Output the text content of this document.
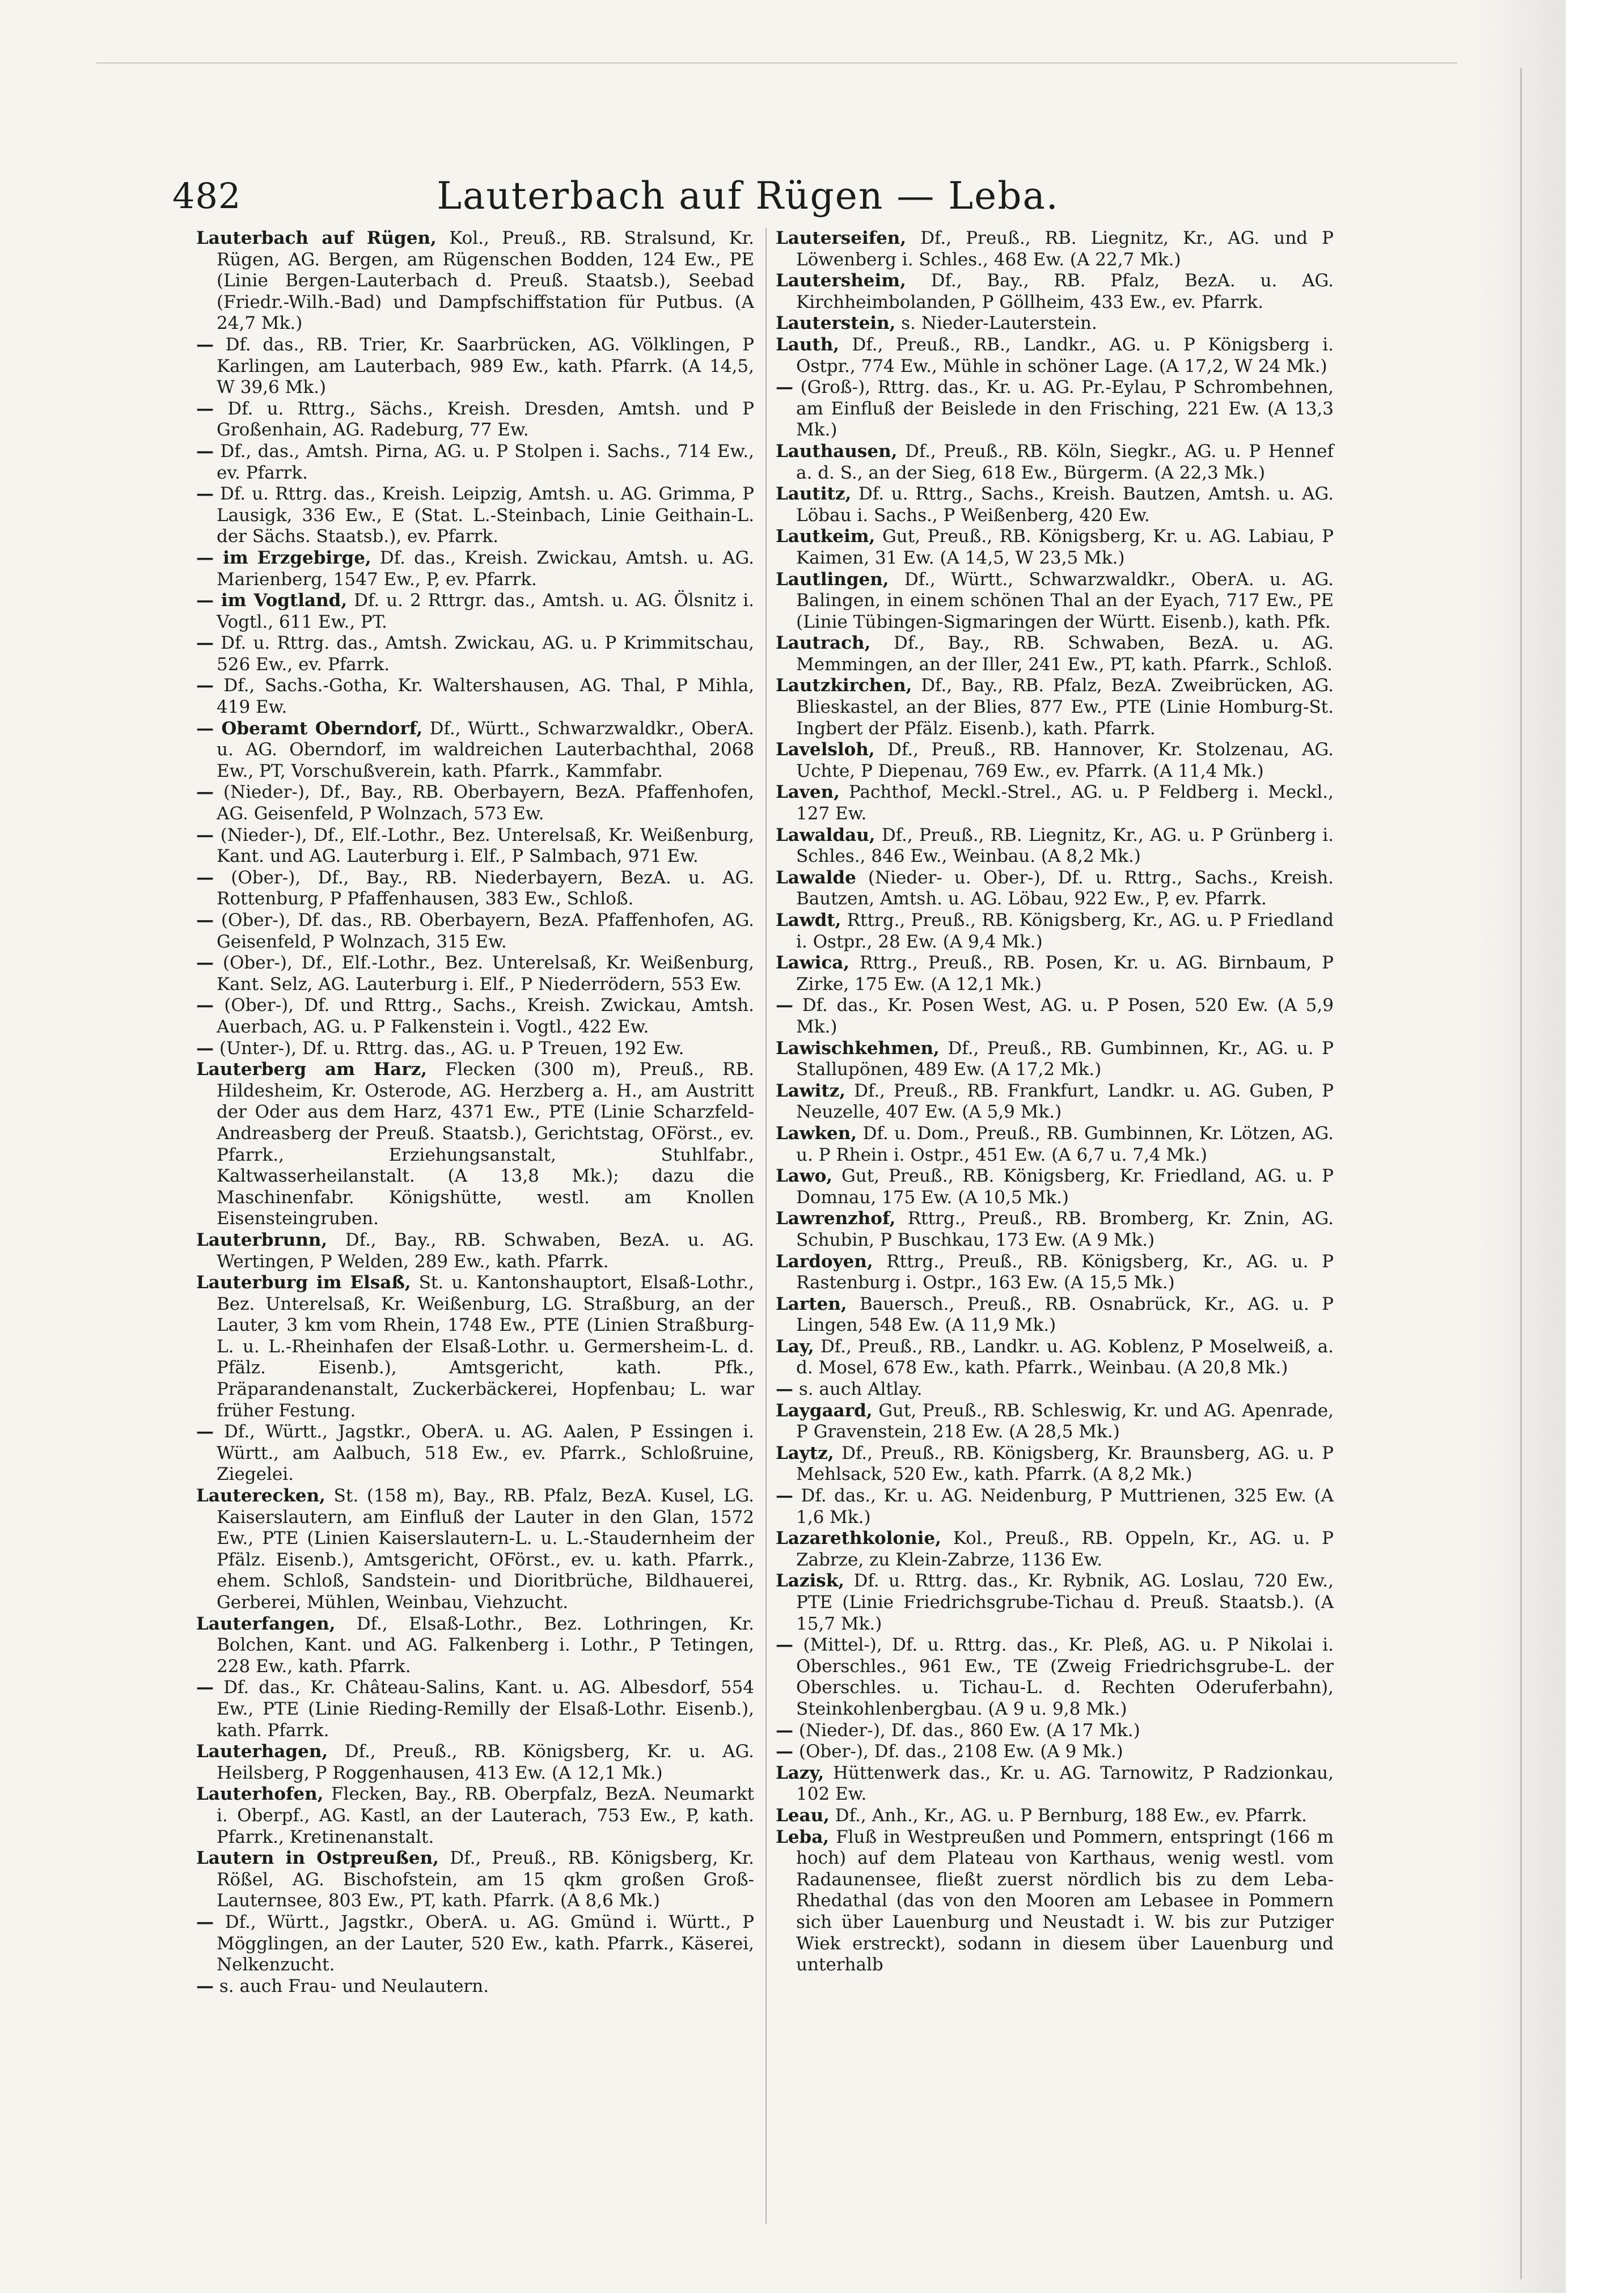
482	Lauterbach auf Rügen — Leba.

Lauterbach auf Rügen, Kol., Preuß., RB. Stralsund, Kr. Rügen, AG. Bergen, am Rügenschen Bodden, 124 Ew., PE (Linie Bergen-Lauterbach d. Preuß. Staatsb.), Seebad (Friedr.-Wilh.-Bad) und Dampfschiffstation für Putbus. (A 24,7 Mk.)

— Df. das., RB. Trier, Kr. Saarbrücken, AG. Völklingen, P Karlingen, am Lauterbach, 989 Ew., kath. Pfarrk. (A 14,5, W 39,6 Mk.)

— Df. u. Rttrg., Sächs., Kreish. Dresden, Amtsh. und P Großenhain, AG. Radeburg, 77 Ew.

— Df., das., Amtsh. Pirna, AG. u. P Stolpen i. Sachs., 714 Ew., ev. Pfarrk.

— Df. u. Rttrg. das., Kreish. Leipzig, Amtsh. u. AG. Grimma, P Lausigk, 336 Ew., E (Stat. L.-Steinbach, Linie Geithain-L. der Sächs. Staatsb.), ev. Pfarrk.

— im Erzgebirge, Df. das., Kreish. Zwickau, Amtsh. u. AG. Marienberg, 1547 Ew., P, ev. Pfarrk.

— im Vogtland, Df. u. 2 Rttrgr. das., Amtsh. u. AG. Ölsnitz i. Vogtl., 611 Ew., PT.

— Df. u. Rttrg. das., Amtsh. Zwickau, AG. u. P Krimmitschau, 526 Ew., ev. Pfarrk.

— Df., Sachs.-Gotha, Kr. Waltershausen, AG. Thal, P Mihla, 419 Ew.

— Oberamt Oberndorf, Df., Württ., Schwarzwaldkr., OberA. u. AG. Oberndorf, im waldreichen Lauterbachthal, 2068 Ew., PT, Vorschußverein, kath. Pfarrk., Kammfabr.

— (Nieder-), Df., Bay., RB. Oberbayern, BezA. Pfaffenhofen, AG. Geisenfeld, P Wolnzach, 573 Ew.

— (Nieder-), Df., Elf.-Lothr., Bez. Unterelsaß, Kr. Weißenburg, Kant. und AG. Lauterburg i. Elf., P Salmbach, 971 Ew.

— (Ober-), Df., Bay., RB. Niederbayern, BezA. u. AG. Rottenburg, P Pfaffenhausen, 383 Ew., Schloß.

— (Ober-), Df. das., RB. Oberbayern, BezA. Pfaffenhofen, AG. Geisenfeld, P Wolnzach, 315 Ew.

— (Ober-), Df., Elf.-Lothr., Bez. Unterelsaß, Kr. Weißenburg, Kant. Selz, AG. Lauterburg i. Elf., P Niederrödern, 553 Ew.

— (Ober-), Df. und Rttrg., Sachs., Kreish. Zwickau, Amtsh. Auerbach, AG. u. P Falkenstein i. Vogtl., 422 Ew.

— (Unter-), Df. u. Rttrg. das., AG. u. P Treuen, 192 Ew.

Lauterberg am Harz, Flecken (300 m), Preuß., RB. Hildesheim, Kr. Osterode, AG. Herzberg a. H., am Austritt der Oder aus dem Harz, 4371 Ew., PTE (Linie Scharzfeld-Andreasberg der Preuß. Staatsb.), Gerichtstag, OFörst., ev. Pfarrk., Erziehungsanstalt, Stuhlfabr., Kaltwasserheilanstalt. (A 13,8 Mk.); dazu die Maschinenfabr. Königshütte, westl. am Knollen Eisensteingruben.

Lauterbrunn, Df., Bay., RB. Schwaben, BezA. u. AG. Wertingen, P Welden, 289 Ew., kath. Pfarrk.

Lauterburg im Elsaß, St. u. Kantonshauptort, Elsaß-Lothr., Bez. Unterelsaß, Kr. Weißenburg, LG. Straßburg, an der Lauter, 3 km vom Rhein, 1748 Ew., PTE (Linien Straßburg-L. u. L.-Rheinhafen der Elsaß-Lothr. u. Germersheim-L. d. Pfälz. Eisenb.), Amtsgericht, kath. Pfk., Präparandenanstalt, Zuckerbäckerei, Hopfenbau; L. war früher Festung.

— Df., Württ., Jagstkr., OberA. u. AG. Aalen, P Essingen i. Württ., am Aalbuch, 518 Ew., ev. Pfarrk., Schloßruine, Ziegelei.

Lauterecken, St. (158 m), Bay., RB. Pfalz, BezA. Kusel, LG. Kaiserslautern, am Einfluß der Lauter in den Glan, 1572 Ew., PTE (Linien Kaiserslautern-L. u. L.-Staudernheim der Pfälz. Eisenb.), Amtsgericht, OFörst., ev. u. kath. Pfarrk., ehem. Schloß, Sandstein- und Dioritbrüche, Bildhauerei, Gerberei, Mühlen, Weinbau, Viehzucht.

Lauterfangen, Df., Elsaß-Lothr., Bez. Lothringen, Kr. Bolchen, Kant. und AG. Falkenberg i. Lothr., P Tetingen, 228 Ew., kath. Pfarrk.

— Df. das., Kr. Château-Salins, Kant. u. AG. Albesdorf, 554 Ew., PTE (Linie Rieding-Remilly der Elsaß-Lothr. Eisenb.), kath. Pfarrk.

Lauterhagen, Df., Preuß., RB. Königsberg, Kr. u. AG. Heilsberg, P Roggenhausen, 413 Ew. (A 12,1 Mk.)

Lauterhofen, Flecken, Bay., RB. Oberpfalz, BezA. Neumarkt i. Oberpf., AG. Kastl, an der Lauterach, 753 Ew., P, kath. Pfarrk., Kretinenanstalt.

Lautern in Ostpreußen, Df., Preuß., RB. Königsberg, Kr. Rößel, AG. Bischofstein, am 15 qkm großen Groß-Lauternsee, 803 Ew., PT, kath. Pfarrk. (A 8,6 Mk.)

— Df., Württ., Jagstkr., OberA. u. AG. Gmünd i. Württ., P Mögglingen, an der Lauter, 520 Ew., kath. Pfarrk., Käserei, Nelkenzucht.

— s. auch Frau- und Neulautern.

Lauterseifen, Df., Preuß., RB. Liegnitz, Kr., AG. und P Löwenberg i. Schles., 468 Ew. (A 22,7 Mk.)

Lautersheim, Df., Bay., RB. Pfalz, BezA. u. AG. Kirchheimbolanden, P Göllheim, 433 Ew., ev. Pfarrk.

Lauterstein, s. Nieder-Lauterstein.

Lauth, Df., Preuß., RB., Landkr., AG. u. P Königsberg i. Ostpr., 774 Ew., Mühle in schöner Lage. (A 17,2, W 24 Mk.)

— (Groß-), Rttrg. das., Kr. u. AG. Pr.-Eylau, P Schrombehnen, am Einfluß der Beislede in den Frisching, 221 Ew. (A 13,3 Mk.)

Lauthausen, Df., Preuß., RB. Köln, Siegkr., AG. u. P Hennef a. d. S., an der Sieg, 618 Ew., Bürgerm. (A 22,3 Mk.)

Lautitz, Df. u. Rttrg., Sachs., Kreish. Bautzen, Amtsh. u. AG. Löbau i. Sachs., P Weißenberg, 420 Ew.

Lautkeim, Gut, Preuß., RB. Königsberg, Kr. u. AG. Labiau, P Kaimen, 31 Ew. (A 14,5, W 23,5 Mk.)

Lautlingen, Df., Württ., Schwarzwaldkr., OberA. u. AG. Balingen, in einem schönen Thal an der Eyach, 717 Ew., PE (Linie Tübingen-Sigmaringen der Württ. Eisenb.), kath. Pfk.

Lautrach, Df., Bay., RB. Schwaben, BezA. u. AG. Memmingen, an der Iller, 241 Ew., PT, kath. Pfarrk., Schloß.

Lautzkirchen, Df., Bay., RB. Pfalz, BezA. Zweibrücken, AG. Blieskastel, an der Blies, 877 Ew., PTE (Linie Homburg-St. Ingbert der Pfälz. Eisenb.), kath. Pfarrk.

Lavelsloh, Df., Preuß., RB. Hannover, Kr. Stolzenau, AG. Uchte, P Diepenau, 769 Ew., ev. Pfarrk. (A 11,4 Mk.)

Laven, Pachthof, Meckl.-Strel., AG. u. P Feldberg i. Meckl., 127 Ew.

Lawaldau, Df., Preuß., RB. Liegnitz, Kr., AG. u. P Grünberg i. Schles., 846 Ew., Weinbau. (A 8,2 Mk.)

Lawalde (Nieder- u. Ober-), Df. u. Rttrg., Sachs., Kreish. Bautzen, Amtsh. u. AG. Löbau, 922 Ew., P, ev. Pfarrk.

Lawdt, Rttrg., Preuß., RB. Königsberg, Kr., AG. u. P Friedland i. Ostpr., 28 Ew. (A 9,4 Mk.)

Lawica, Rttrg., Preuß., RB. Posen, Kr. u. AG. Birnbaum, P Zirke, 175 Ew. (A 12,1 Mk.)

— Df. das., Kr. Posen West, AG. u. P Posen, 520 Ew. (A 5,9 Mk.)

Lawischkehmen, Df., Preuß., RB. Gumbinnen, Kr., AG. u. P Stallupönen, 489 Ew. (A 17,2 Mk.)

Lawitz, Df., Preuß., RB. Frankfurt, Landkr. u. AG. Guben, P Neuzelle, 407 Ew. (A 5,9 Mk.)

Lawken, Df. u. Dom., Preuß., RB. Gumbinnen, Kr. Lötzen, AG. u. P Rhein i. Ostpr., 451 Ew. (A 6,7 u. 7,4 Mk.)

Lawo, Gut, Preuß., RB. Königsberg, Kr. Friedland, AG. u. P Domnau, 175 Ew. (A 10,5 Mk.)

Lawrenzhof, Rttrg., Preuß., RB. Bromberg, Kr. Znin, AG. Schubin, P Buschkau, 173 Ew. (A 9 Mk.)

Lardoyen, Rttrg., Preuß., RB. Königsberg, Kr., AG. u. P Rastenburg i. Ostpr., 163 Ew. (A 15,5 Mk.)

Larten, Bauersch., Preuß., RB. Osnabrück, Kr., AG. u. P Lingen, 548 Ew. (A 11,9 Mk.)

Lay, Df., Preuß., RB., Landkr. u. AG. Koblenz, P Moselweiß, a. d. Mosel, 678 Ew., kath. Pfarrk., Weinbau. (A 20,8 Mk.)

— s. auch Altlay.

Laygaard, Gut, Preuß., RB. Schleswig, Kr. und AG. Apenrade, P Gravenstein, 218 Ew. (A 28,5 Mk.)

Laytz, Df., Preuß., RB. Königsberg, Kr. Braunsberg, AG. u. P Mehlsack, 520 Ew., kath. Pfarrk. (A 8,2 Mk.)

— Df. das., Kr. u. AG. Neidenburg, P Muttrienen, 325 Ew. (A 1,6 Mk.)

Lazarethkolonie, Kol., Preuß., RB. Oppeln, Kr., AG. u. P Zabrze, zu Klein-Zabrze, 1136 Ew.

Lazisk, Df. u. Rttrg. das., Kr. Rybnik, AG. Loslau, 720 Ew., PTE (Linie Friedrichsgrube-Tichau d. Preuß. Staatsb.). (A 15,7 Mk.)

— (Mittel-), Df. u. Rttrg. das., Kr. Pleß, AG. u. P Nikolai i. Oberschles., 961 Ew., TE (Zweig Friedrichsgrube-L. der Oberschles. u. Tichau-L. d. Rechten Oderuferbahn), Steinkohlenbergbau. (A 9 u. 9,8 Mk.)

— (Nieder-), Df. das., 860 Ew. (A 17 Mk.)

— (Ober-), Df. das., 2108 Ew. (A 9 Mk.)

Lazy, Hüttenwerk das., Kr. u. AG. Tarnowitz, P Radzionkau, 102 Ew.

Leau, Df., Anh., Kr., AG. u. P Bernburg, 188 Ew., ev. Pfarrk.

Leba, Fluß in Westpreußen und Pommern, entspringt (166 m hoch) auf dem Plateau von Karthaus, wenig westl. vom Radaunensee, fließt zuerst nördlich bis zu dem Leba-Rhedathal (das von den Mooren am Lebasee in Pommern sich über Lauenburg und Neustadt i. W. bis zur Putziger Wiek erstreckt), sodann in diesem über Lauenburg und unterhalb
